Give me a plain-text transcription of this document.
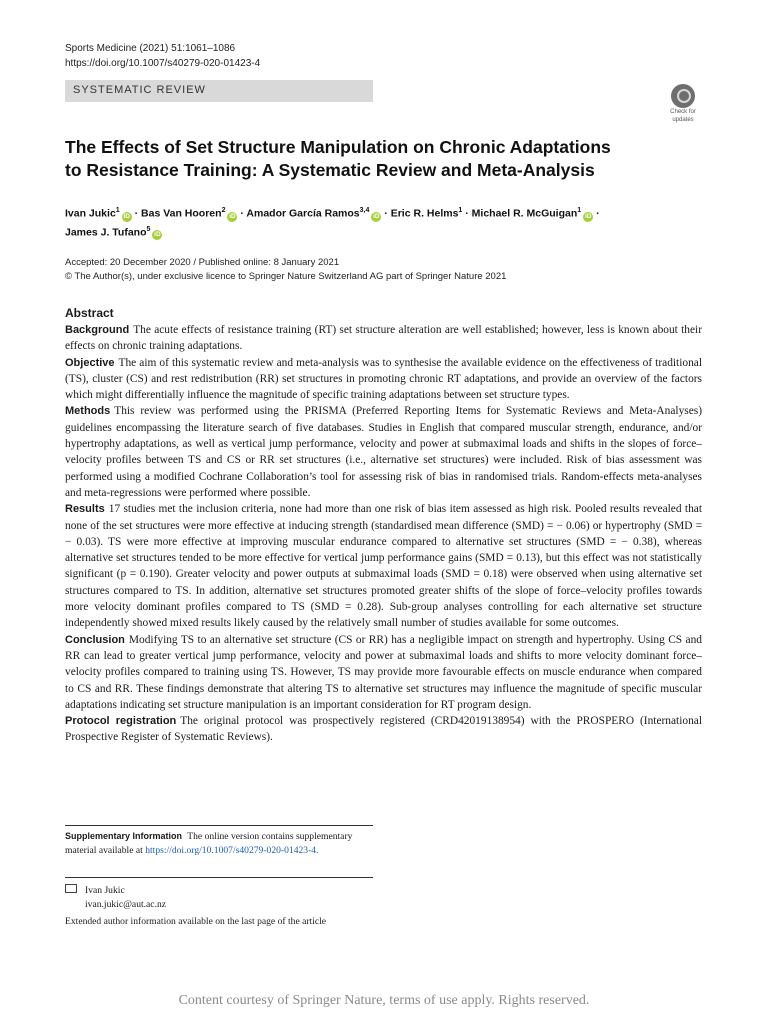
Sports Medicine (2021) 51:1061–1086
https://doi.org/10.1007/s40279-020-01423-4
SYSTEMATIC REVIEW
Check for
updates
The Effects of Set Structure Manipulation on Chronic Adaptations
to Resistance Training: A Systematic Review and Meta-Analysis
Ivan Jukic$^1$iD · Bas Van Hooren$^2$iD · Amador García Ramos$^{3,4}$iD · Eric R. Helms$^1$ · Michael R. McGuigan$^1$iD ·
James J. Tufano$^5$iD
Accepted: 20 December 2020 / Published online: 8 January 2021
© The Author(s), under exclusive licence to Springer Nature Switzerland AG part of Springer Nature 2021
Abstract

Background The acute effects of resistance training (RT) set structure alteration are well established; however, less is known about their effects on chronic training adaptations.

Objective The aim of this systematic review and meta-analysis was to synthesise the available evidence on the effectiveness of traditional (TS), cluster (CS) and rest redistribution (RR) set structures in promoting chronic RT adaptations, and provide an overview of the factors which might differentially influence the magnitude of specific training adaptations between set structure types.

Methods This review was performed using the PRISMA (Preferred Reporting Items for Systematic Reviews and Meta-Analyses) guidelines encompassing the literature search of five databases. Studies in English that compared muscular strength, endurance, and/or hypertrophy adaptations, as well as vertical jump performance, velocity and power at submaximal loads and shifts in the slopes of force–velocity profiles between TS and CS or RR set structures (i.e., alternative set structures) were included. Risk of bias assessment was performed using a modified Cochrane Collaboration’s tool for assessing risk of bias in randomised trials. Random-effects meta-analyses and meta-regressions were performed where possible.

Results 17 studies met the inclusion criteria, none had more than one risk of bias item assessed as high risk. Pooled results revealed that none of the set structures were more effective at inducing strength (standardised mean difference (SMD) = − 0.06) or hypertrophy (SMD = − 0.03). TS were more effective at improving muscular endurance compared to alternative set structures (SMD = − 0.38), whereas alternative set structures tended to be more effective for vertical jump performance gains (SMD = 0.13), but this effect was not statistically significant (p = 0.190). Greater velocity and power outputs at submaximal loads (SMD = 0.18) were observed when using alternative set structures compared to TS. In addition, alternative set structures promoted greater shifts of the slope of force–velocity profiles towards more velocity dominant profiles compared to TS (SMD = 0.28). Sub-group analyses controlling for each alternative set structure independently showed mixed results likely caused by the relatively small number of studies available for some outcomes.

Conclusion Modifying TS to an alternative set structure (CS or RR) has a negligible impact on strength and hypertrophy. Using CS and RR can lead to greater vertical jump performance, velocity and power at submaximal loads and shifts to more velocity dominant force–velocity profiles compared to training using TS. However, TS may provide more favourable effects on muscle endurance when compared to CS and RR. These findings demonstrate that altering TS to alternative set structures may influence the magnitude of specific muscular adaptations indicating set structure manipulation is an important consideration for RT program design.

Protocol registration The original protocol was prospectively registered (CRD42019138954) with the PROSPERO (International Prospective Register of Systematic Reviews).

Supplementary Information The online version contains supplementary material available at https://doi.org/10.1007/s40279-020-01423-4.
Ivan Jukic
ivan.jukic@aut.ac.nz
Extended author information available on the last page of the article
Content courtesy of Springer Nature, terms of use apply. Rights reserved.
